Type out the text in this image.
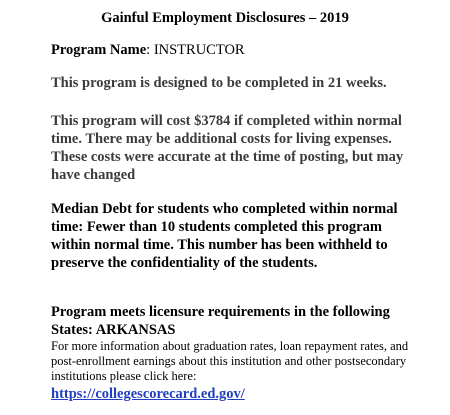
Gainful Employment Disclosures – 2019
Program Name: INSTRUCTOR
This program is designed to be completed in 21 weeks.
This program will cost $3784 if completed within normal time. There may be additional costs for living expenses. These costs were accurate at the time of posting, but may have changed
Median Debt for students who completed within normal time: Fewer than 10 students completed this program within normal time. This number has been withheld to preserve the confidentiality of the students.
Program meets licensure requirements in the following
States: ARKANSAS
For more information about graduation rates, loan repayment rates, and post-enrollment earnings about this institution and other postsecondary institutions please click here:
https://collegescorecard.ed.gov/
